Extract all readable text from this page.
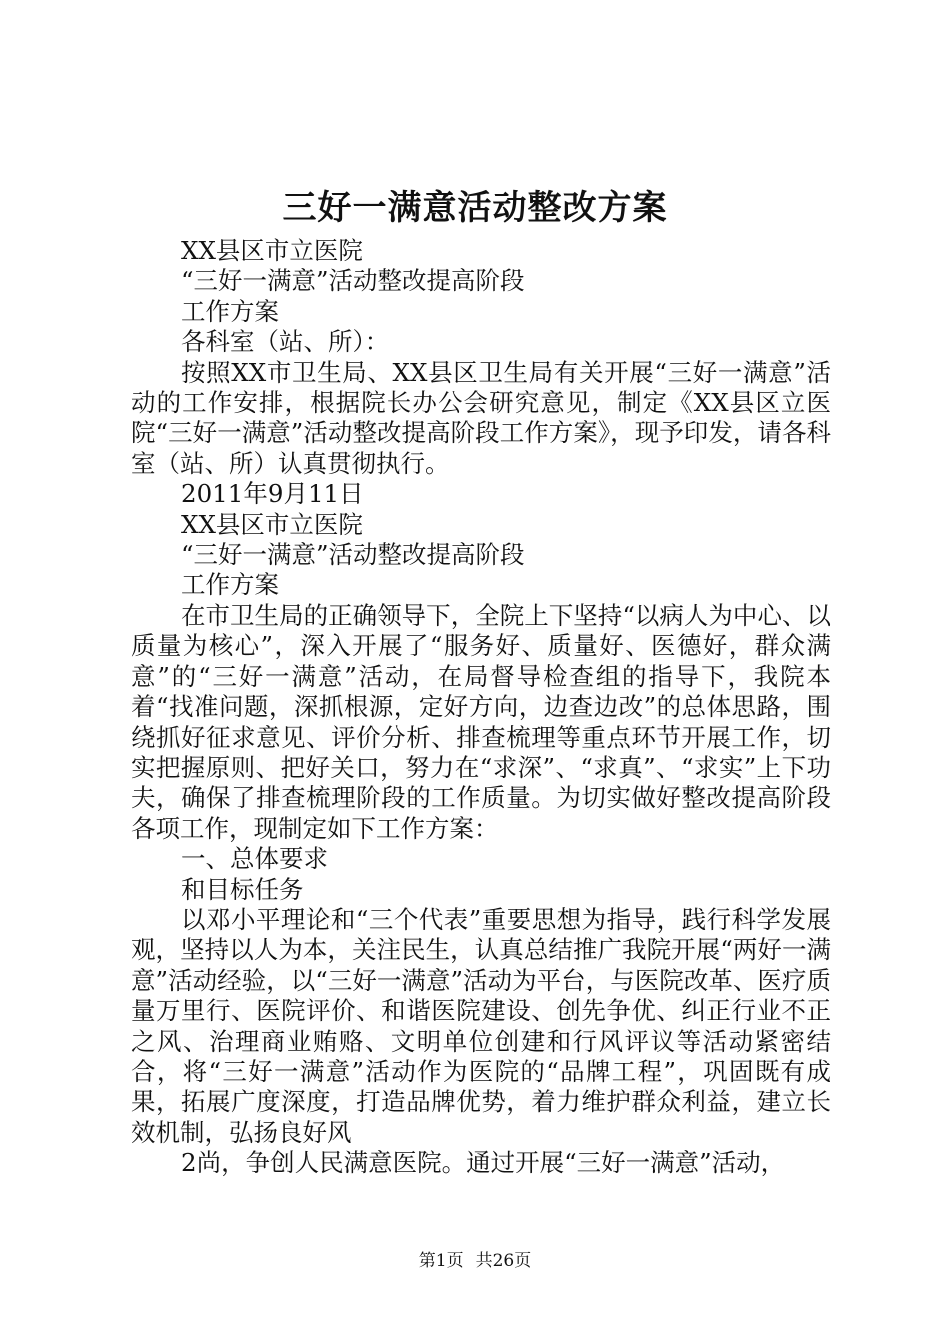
三好一满意活动整改方案

XX县区市立医院

“三好一满意”活动整改提高阶段

工作方案

各科室（站、所）：

按照XX市卫生局、XX县区卫生局有关开展“三好一满意”活动的工作安排，根据院长办公会研究意见，制定《XX县区立医院“三好一满意”活动整改提高阶段工作方案》，现予印发，请各科室（站、所）认真贯彻执行。

2011年9月11日

XX县区市立医院

“三好一满意”活动整改提高阶段

工作方案

在市卫生局的正确领导下，全院上下坚持“以病人为中心、以质量为核心”，深入开展了“服务好、质量好、医德好，群众满意”的“三好一满意”活动，在局督导检查组的指导下，我院本着“找准问题，深抓根源，定好方向，边查边改”的总体思路，围绕抓好征求意见、评价分析、排查梳理等重点环节开展工作，切实把握原则、把好关口，努力在“求深”、“求真”、“求实”上下功夫，确保了排查梳理阶段的工作质量。为切实做好整改提高阶段各项工作，现制定如下工作方案：

一、总体要求

和目标任务

以邓小平理论和“三个代表”重要思想为指导，践行科学发展观，坚持以人为本，关注民生，认真总结推广我院开展“两好一满意”活动经验，以“三好一满意”活动为平台，与医院改革、医疗质量万里行、医院评价、和谐医院建设、创先争优、纠正行业不正之风、治理商业贿赂、文明单位创建和行风评议等活动紧密结合，将“三好一满意”活动作为医院的“品牌工程”，巩固既有成果，拓展广度深度，打造品牌优势，着力维护群众利益，建立长效机制，弘扬良好风

2尚，争创人民满意医院。通过开展“三好一满意”活动，

第1页 共26页
